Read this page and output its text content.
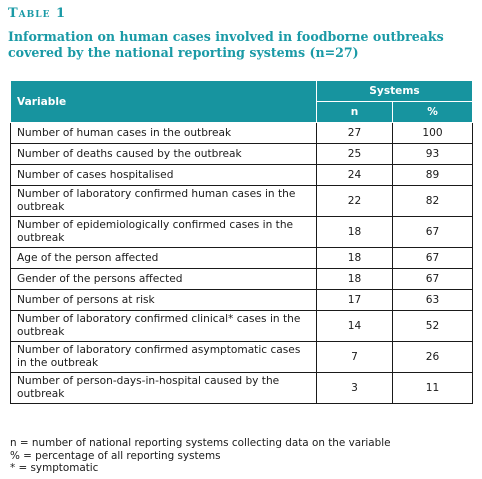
Table 1
Information on human cases involved in foodborne outbreaks covered by the national reporting systems (n=27)
Variable	Systems	
	n	%
Number of human cases in the outbreak	27	100
Number of deaths caused by the outbreak	25	93
Number of cases hospitalised	24	89
Number of laboratory confirmed human cases in the outbreak	22	82
Number of epidemiologically confirmed cases in the outbreak	18	67
Age of the person affected	18	67
Gender of the persons affected	18	67
Number of persons at risk	17	63
Number of laboratory confirmed clinical* cases in the outbreak	14	52
Number of laboratory confirmed asymptomatic cases in the outbreak	7	26
Number of person-days-in-hospital caused by the outbreak	3	11
n = number of national reporting systems collecting data on the variable
% = percentage of all reporting systems
* = symptomatic
